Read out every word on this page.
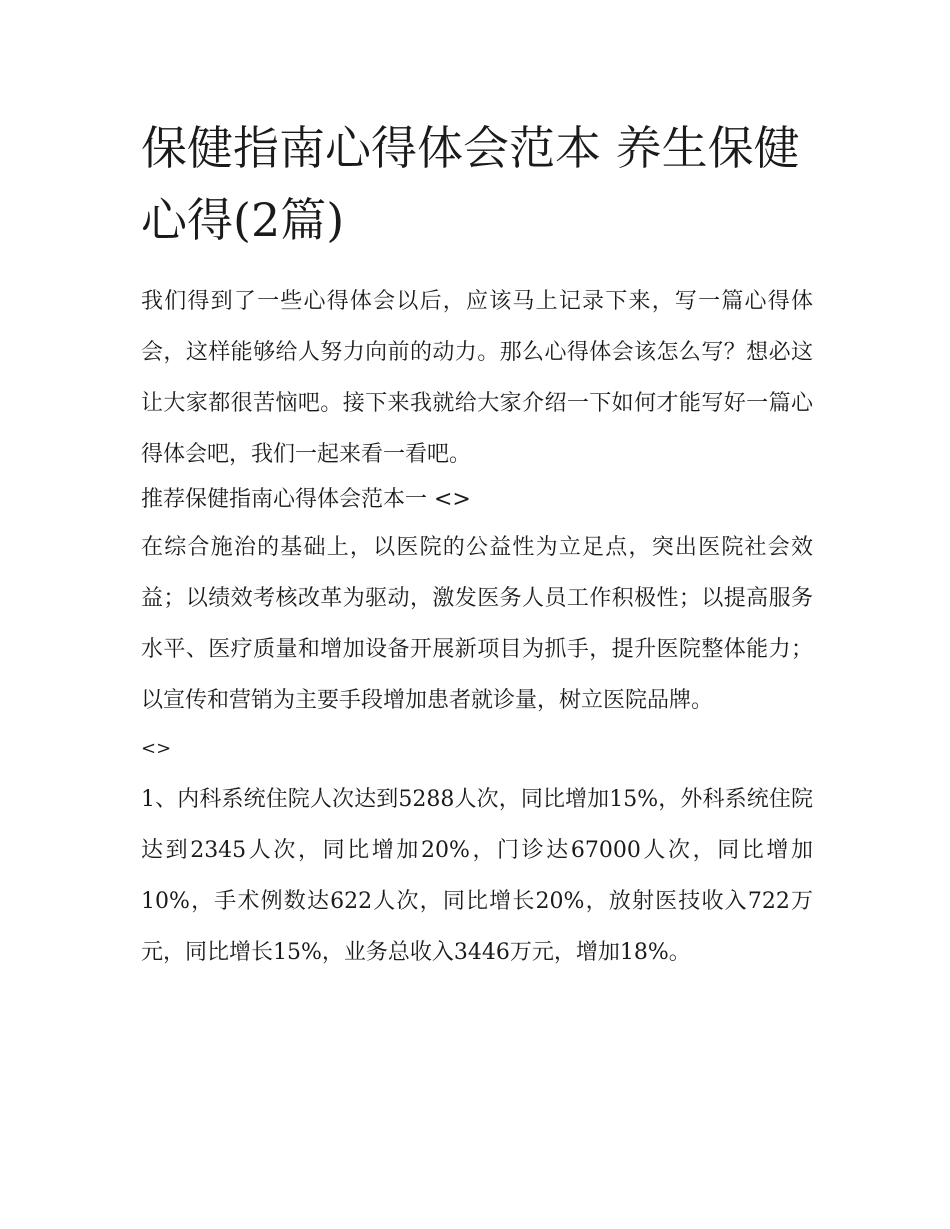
保健指南心得体会范本 养生保健心得(2篇)

我们得到了一些心得体会以后，应该马上记录下来，写一篇心得体会，这样能够给人努力向前的动力。那么心得体会该怎么写？想必这让大家都很苦恼吧。接下来我就给大家介绍一下如何才能写好一篇心得体会吧，我们一起来看一看吧。

推荐保健指南心得体会范本一 <>

在综合施治的基础上，以医院的公益性为立足点，突出医院社会效益；以绩效考核改革为驱动，激发医务人员工作积极性；以提高服务水平、医疗质量和增加设备开展新项目为抓手，提升医院整体能力；以宣传和营销为主要手段增加患者就诊量，树立医院品牌。

<>

1、内科系统住院人次达到5288人次，同比增加15%，外科系统住院达到2345人次，同比增加20%，门诊达67000人次，同比增加10%，手术例数达622人次，同比增长20%，放射医技收入722万元，同比增长15%，业务总收入3446万元，增加18%。
